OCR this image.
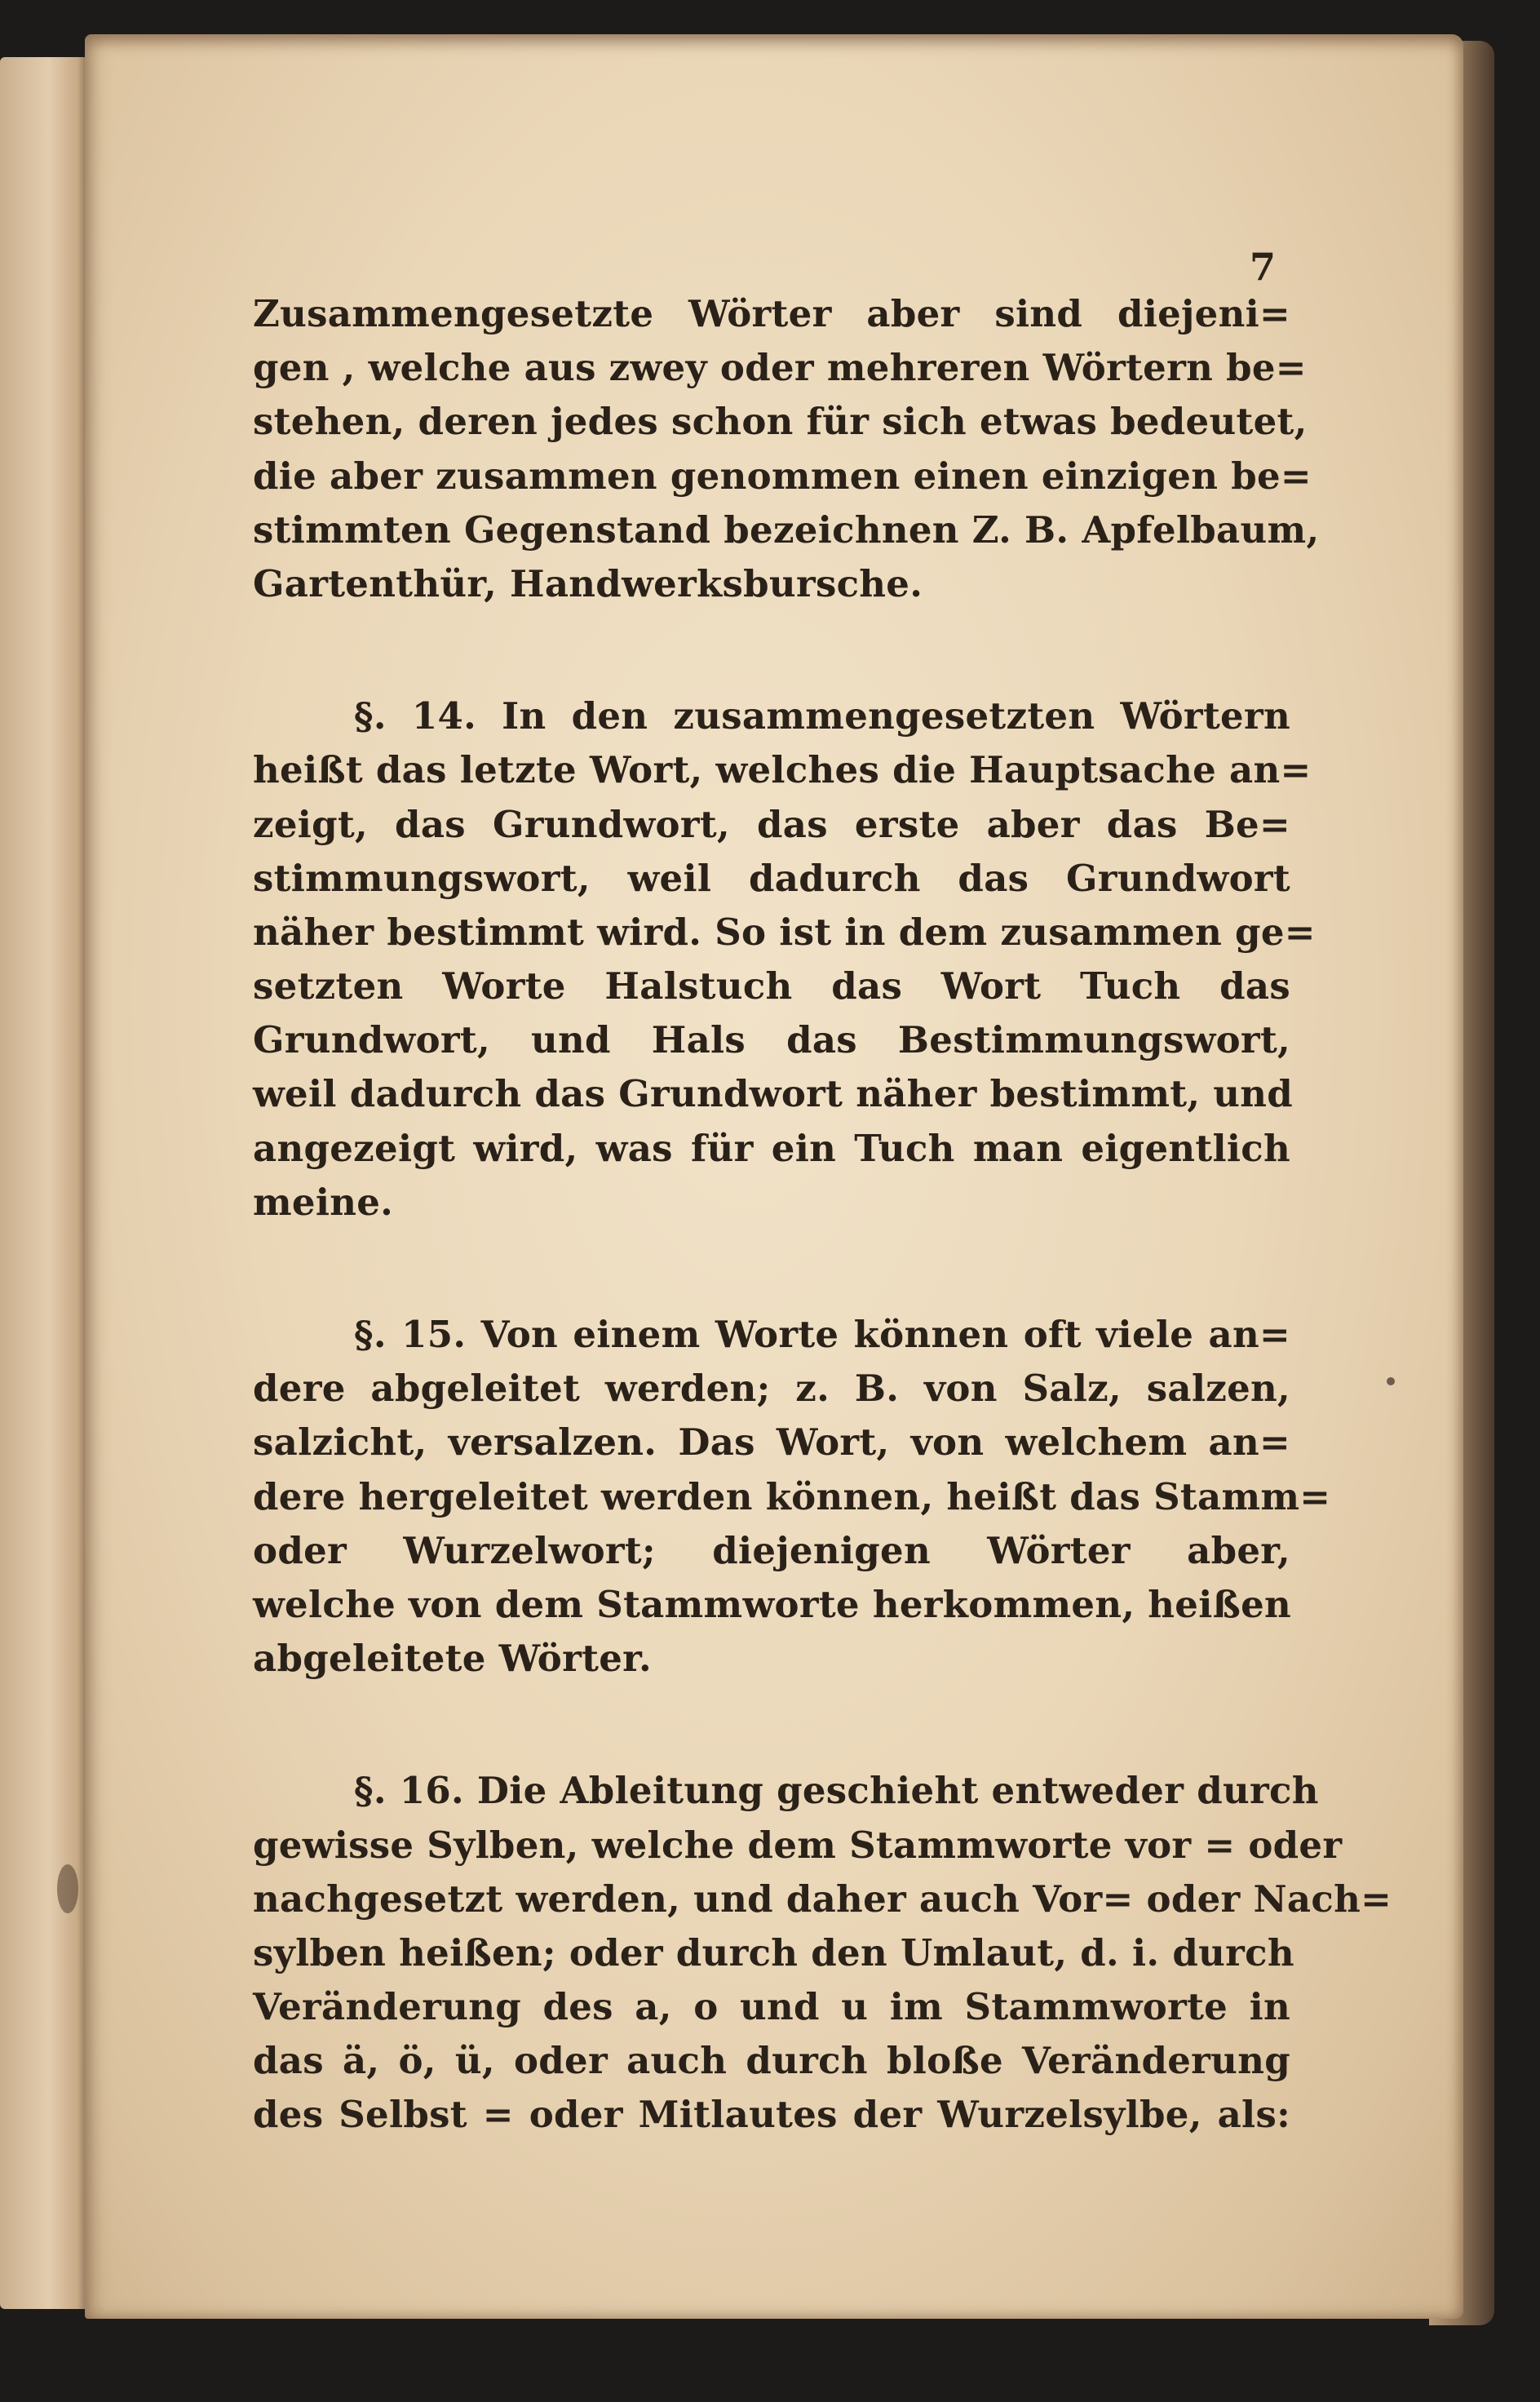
7
Zusammengesetzte Wörter aber sind diejeni=
gen , welche aus zwey oder mehreren Wörtern be=
stehen, deren jedes schon für sich etwas bedeutet,
die aber zusammen genommen einen einzigen be=
stimmten Gegenstand bezeichnen Z. B. Apfelbaum,
Gartenthür, Handwerksbursche.
§. 14. In den zusammengesetzten Wörtern
heißt das letzte Wort, welches die Hauptsache an=
zeigt, das Grundwort, das erste aber das Be=
stimmungswort, weil dadurch das Grundwort
näher bestimmt wird. So ist in dem zusammen ge=
setzten Worte Halstuch das Wort Tuch das
Grundwort, und Hals das Bestimmungswort,
weil dadurch das Grundwort näher bestimmt, und
angezeigt wird, was für ein Tuch man eigentlich
meine.
§. 15. Von einem Worte können oft viele an=
dere abgeleitet werden; z. B. von Salz, salzen,
salzicht, versalzen. Das Wort, von welchem an=
dere hergeleitet werden können, heißt das Stamm=
oder Wurzelwort; diejenigen Wörter aber,
welche von dem Stammworte herkommen, heißen
abgeleitete Wörter.
§. 16. Die Ableitung geschieht entweder durch
gewisse Sylben, welche dem Stammworte vor = oder
nachgesetzt werden, und daher auch Vor= oder Nach=
sylben heißen; oder durch den Umlaut, d. i. durch
Veränderung des a, o und u im Stammworte in
das ä, ö, ü, oder auch durch bloße Veränderung
des Selbst = oder Mitlautes der Wurzelsylbe, als:
